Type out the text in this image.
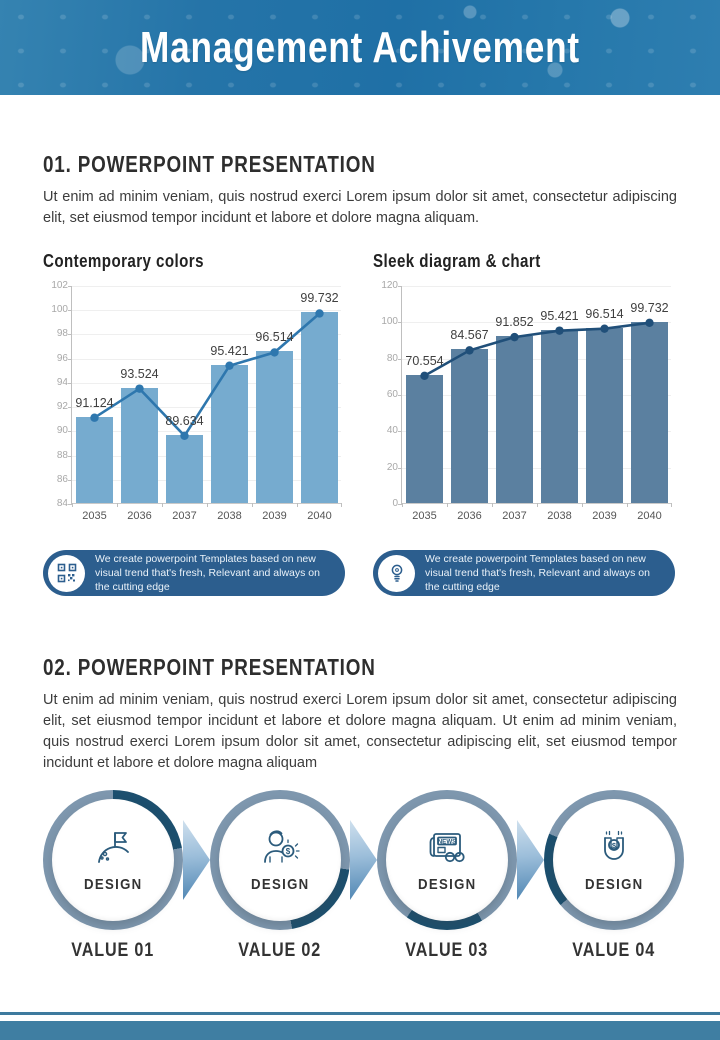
Management Achivement
01. POWERPOINT PRESENTATION

Ut enim ad minim veniam, quis nostrud exerci Lorem ipsum dolor sit amet, consectetur adipiscing elit, set eiusmod tempor incidunt et labore et dolore magna aliquam.

Contemporary colors
84
86
88
90
92
94
96
98
100
102
2035	2036	2037	2038	2039	2040
91.124
93.524
89.634
95.421
96.514
99.732
We create powerpoint Templates based on new visual trend that's fresh, Relevant and always on the cutting edge
Sleek diagram & chart
0
20
40
60
80
100
120
2035	2036	2037	2038	2039	2040
70.554
84.567
91.852 95.421 96.514 99.732
We create powerpoint Templates based on new visual trend that's fresh, Relevant and always on the cutting edge
02. POWERPOINT PRESENTATION

Ut enim ad minim veniam, quis nostrud exerci Lorem ipsum dolor sit amet, consectetur adipiscing elit, set eiusmod tempor incidunt et labore et dolore magna aliquam. Ut enim ad minim veniam, quis nostrud exerci Lorem ipsum dolor sit amet, consectetur adipiscing elit, set eiusmod tempor incidunt et labore et dolore magna aliquam

DESIGN
VALUE 01
$
DESIGN
VALUE 02
NEWS
DESIGN
VALUE 03
$
DESIGN
VALUE 04
